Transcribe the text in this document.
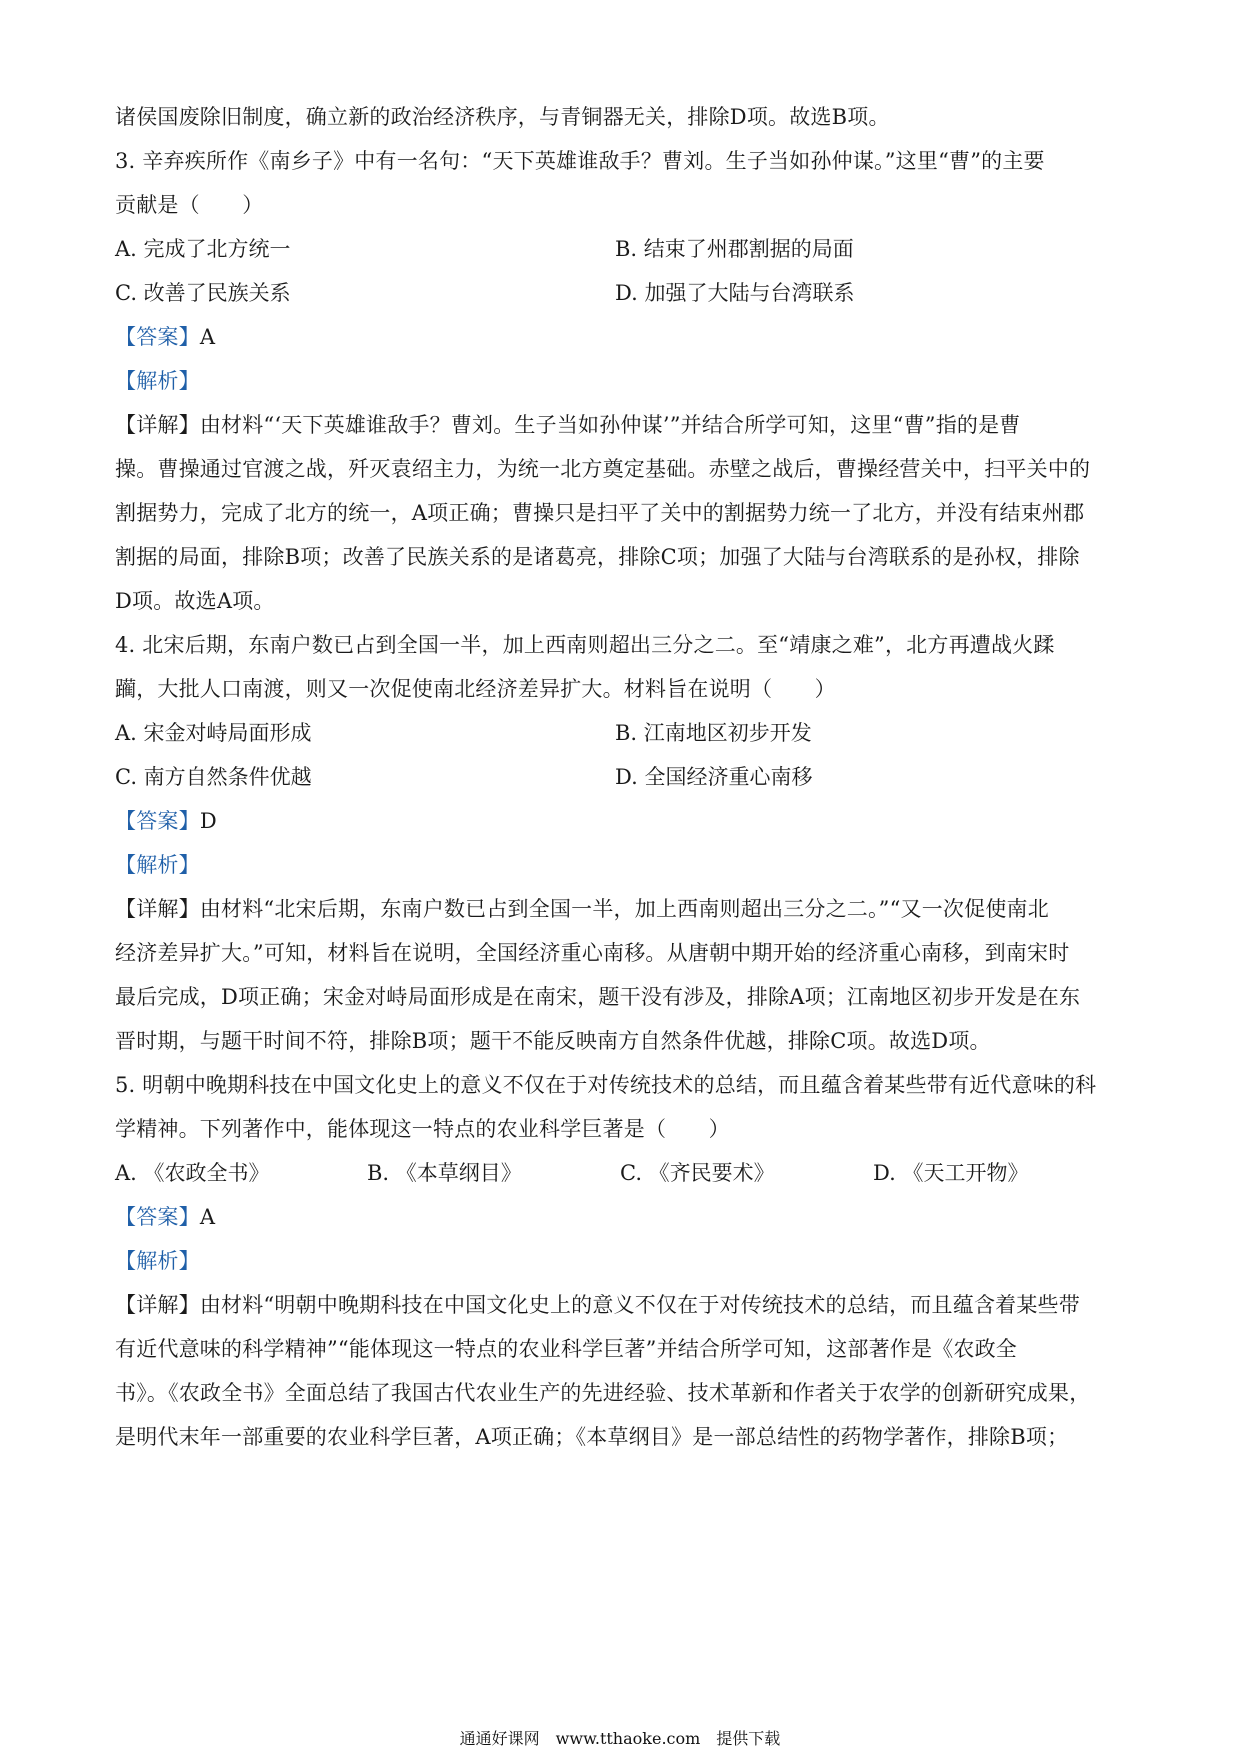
诸侯国废除旧制度，确立新的政治经济秩序，与青铜器无关，排除D项。故选B项。
3. 辛弃疾所作《南乡子》中有一名句：“天下英雄谁敌手？曹刘。生子当如孙仲谋。”这里“曹”的主要
贡献是（　　）
A. 完成了北方统一	B. 结束了州郡割据的局面
C. 改善了民族关系	D. 加强了大陆与台湾联系
【答案】A
【解析】
【详解】由材料“‘天下英雄谁敌手？曹刘。生子当如孙仲谋’”并结合所学可知，这里“曹”指的是曹
操。曹操通过官渡之战，歼灭袁绍主力，为统一北方奠定基础。赤壁之战后，曹操经营关中，扫平关中的
割据势力，完成了北方的统一，A项正确；曹操只是扫平了关中的割据势力统一了北方，并没有结束州郡
割据的局面，排除B项；改善了民族关系的是诸葛亮，排除C项；加强了大陆与台湾联系的是孙权，排除
D项。故选A项。
4. 北宋后期，东南户数已占到全国一半，加上西南则超出三分之二。至“靖康之难”，北方再遭战火蹂
躏，大批人口南渡，则又一次促使南北经济差异扩大。材料旨在说明（　　）
A. 宋金对峙局面形成	B. 江南地区初步开发
C. 南方自然条件优越	D. 全国经济重心南移
【答案】D
【解析】
【详解】由材料“北宋后期，东南户数已占到全国一半，加上西南则超出三分之二。”“又一次促使南北
经济差异扩大。”可知，材料旨在说明，全国经济重心南移。从唐朝中期开始的经济重心南移，到南宋时
最后完成，D项正确；宋金对峙局面形成是在南宋，题干没有涉及，排除A项；江南地区初步开发是在东
晋时期，与题干时间不符，排除B项；题干不能反映南方自然条件优越，排除C项。故选D项。
5. 明朝中晚期科技在中国文化史上的意义不仅在于对传统技术的总结，而且蕴含着某些带有近代意味的科
学精神。下列著作中，能体现这一特点的农业科学巨著是（　　）
A. 《农政全书》	B. 《本草纲目》	C. 《齐民要术》	D. 《天工开物》
【答案】A
【解析】
【详解】由材料“明朝中晚期科技在中国文化史上的意义不仅在于对传统技术的总结，而且蕴含着某些带
有近代意味的科学精神”“能体现这一特点的农业科学巨著”并结合所学可知，这部著作是《农政全
书》。《农政全书》全面总结了我国古代农业生产的先进经验、技术革新和作者关于农学的创新研究成果，
是明代末年一部重要的农业科学巨著，A项正确；《本草纲目》是一部总结性的药物学著作，排除B项；
通通好课网　www.tthaoke.com　提供下载
